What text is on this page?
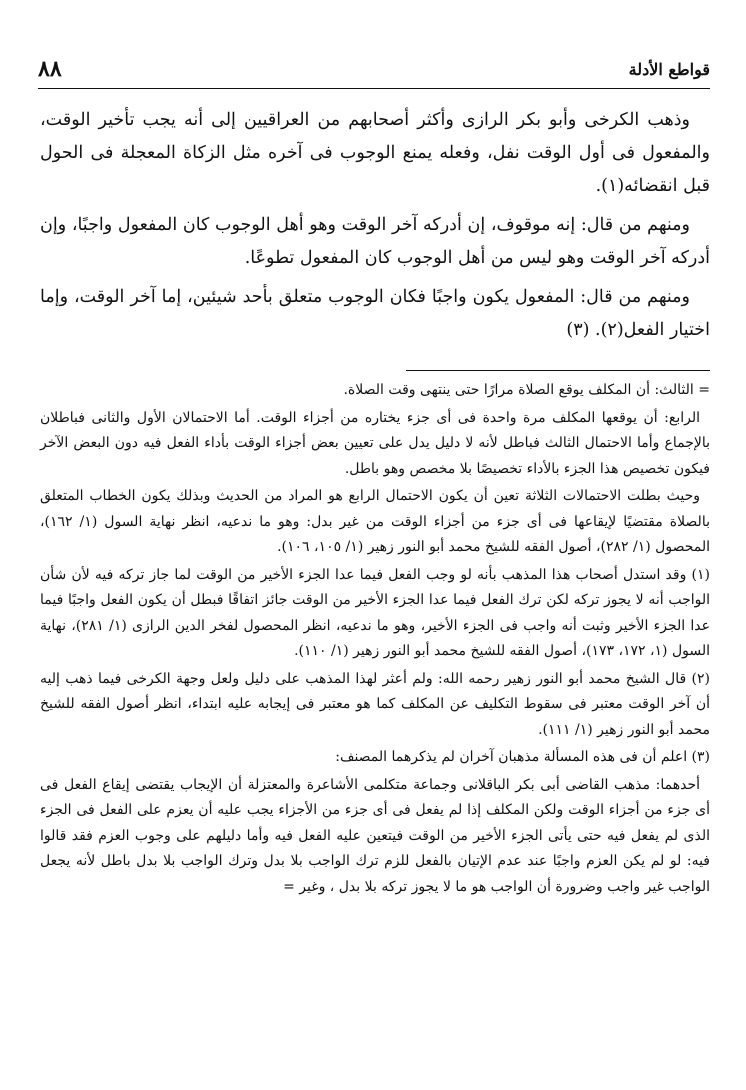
قواطع الأدلة
٨٨

وذهب الكرخى وأبو بكر الرازى وأكثر أصحابهم من العراقيين إلى أنه يجب تأخير الوقت، والمفعول فى أول الوقت نفل، وفعله يمنع الوجوب فى آخره مثل الزكاة المعجلة فى الحول قبل انقضائه(١).

ومنهم من قال: إنه موقوف، إن أدركه آخر الوقت وهو أهل الوجوب كان المفعول واجبًا، وإن أدركه آخر الوقت وهو ليس من أهل الوجوب كان المفعول تطوعًا.

ومنهم من قال: المفعول يكون واجبًا فكان الوجوب متعلق بأحد شيئين، إما آخر الوقت، وإما اختيار الفعل(٢). (٣)

= الثالث: أن المكلف يوقع الصلاة مرارًا حتى ينتهى وقت الصلاة.

الرابع: أن يوقعها المكلف مرة واحدة فى أى جزء يختاره من أجزاء الوقت. أما الاحتمالان الأول والثانى فباطلان بالإجماع وأما الاحتمال الثالث فباطل لأنه لا دليل يدل على تعيين بعض أجزاء الوقت بأداء الفعل فيه دون البعض الآخر فيكون تخصيص هذا الجزء بالأداء تخصيصًا بلا مخصص وهو باطل.

وحيث بطلت الاحتمالات الثلاثة تعين أن يكون الاحتمال الرابع هو المراد من الحديث وبذلك يكون الخطاب المتعلق بالصلاة مقتضيًا لإيقاعها فى أى جزء من أجزاء الوقت من غير بدل: وهو ما ندعيه، انظر نهاية السول (١/ ١٦٢)، المحصول (١/ ٢٨٢)، أصول الفقه للشيخ محمد أبو النور زهير (١/ ١٠٥، ١٠٦).

(١) وقد استدل أصحاب هذا المذهب بأنه لو وجب الفعل فيما عدا الجزء الأخير من الوقت لما جاز تركه فيه لأن شأن الواجب أنه لا يجوز تركه لكن ترك الفعل فيما عدا الجزء الأخير من الوقت جائز اتفاقًا فبطل أن يكون الفعل واجبًا فيما عدا الجزء الأخير وثبت أنه واجب فى الجزء الأخير، وهو ما ندعيه، انظر المحصول لفخر الدين الرازى (١/ ٢٨١)، نهاية السول (١، ١٧٢، ١٧٣)، أصول الفقه للشيخ محمد أبو النور زهير (١/ ١١٠).

(٢) قال الشيخ محمد أبو النور زهير رحمه الله: ولم أعثر لهذا المذهب على دليل ولعل وجهة الكرخى فيما ذهب إليه أن آخر الوقت معتبر فى سقوط التكليف عن المكلف كما هو معتبر فى إيجابه عليه ابتداء، انظر أصول الفقه للشيخ محمد أبو النور زهير (١/ ١١١).

(٣) اعلم أن فى هذه المسألة مذهبان آخران لم يذكرهما المصنف:

أحدهما: مذهب القاضى أبى بكر الباقلانى وجماعة متكلمى الأشاعرة والمعتزلة أن الإيجاب يقتضى إيقاع الفعل فى أى جزء من أجزاء الوقت ولكن المكلف إذا لم يفعل فى أى جزء من الأجزاء يجب عليه أن يعزم على الفعل فى الجزء الذى لم يفعل فيه حتى يأتى الجزء الأخير من الوقت فيتعين عليه الفعل فيه وأما دليلهم على وجوب العزم فقد قالوا فيه: لو لم يكن العزم واجبًا عند عدم الإتيان بالفعل للزم ترك الواجب بلا بدل وترك الواجب بلا بدل باطل لأنه يجعل الواجب غير واجب وضرورة أن الواجب هو ما لا يجوز تركه بلا بدل ، وغير =
